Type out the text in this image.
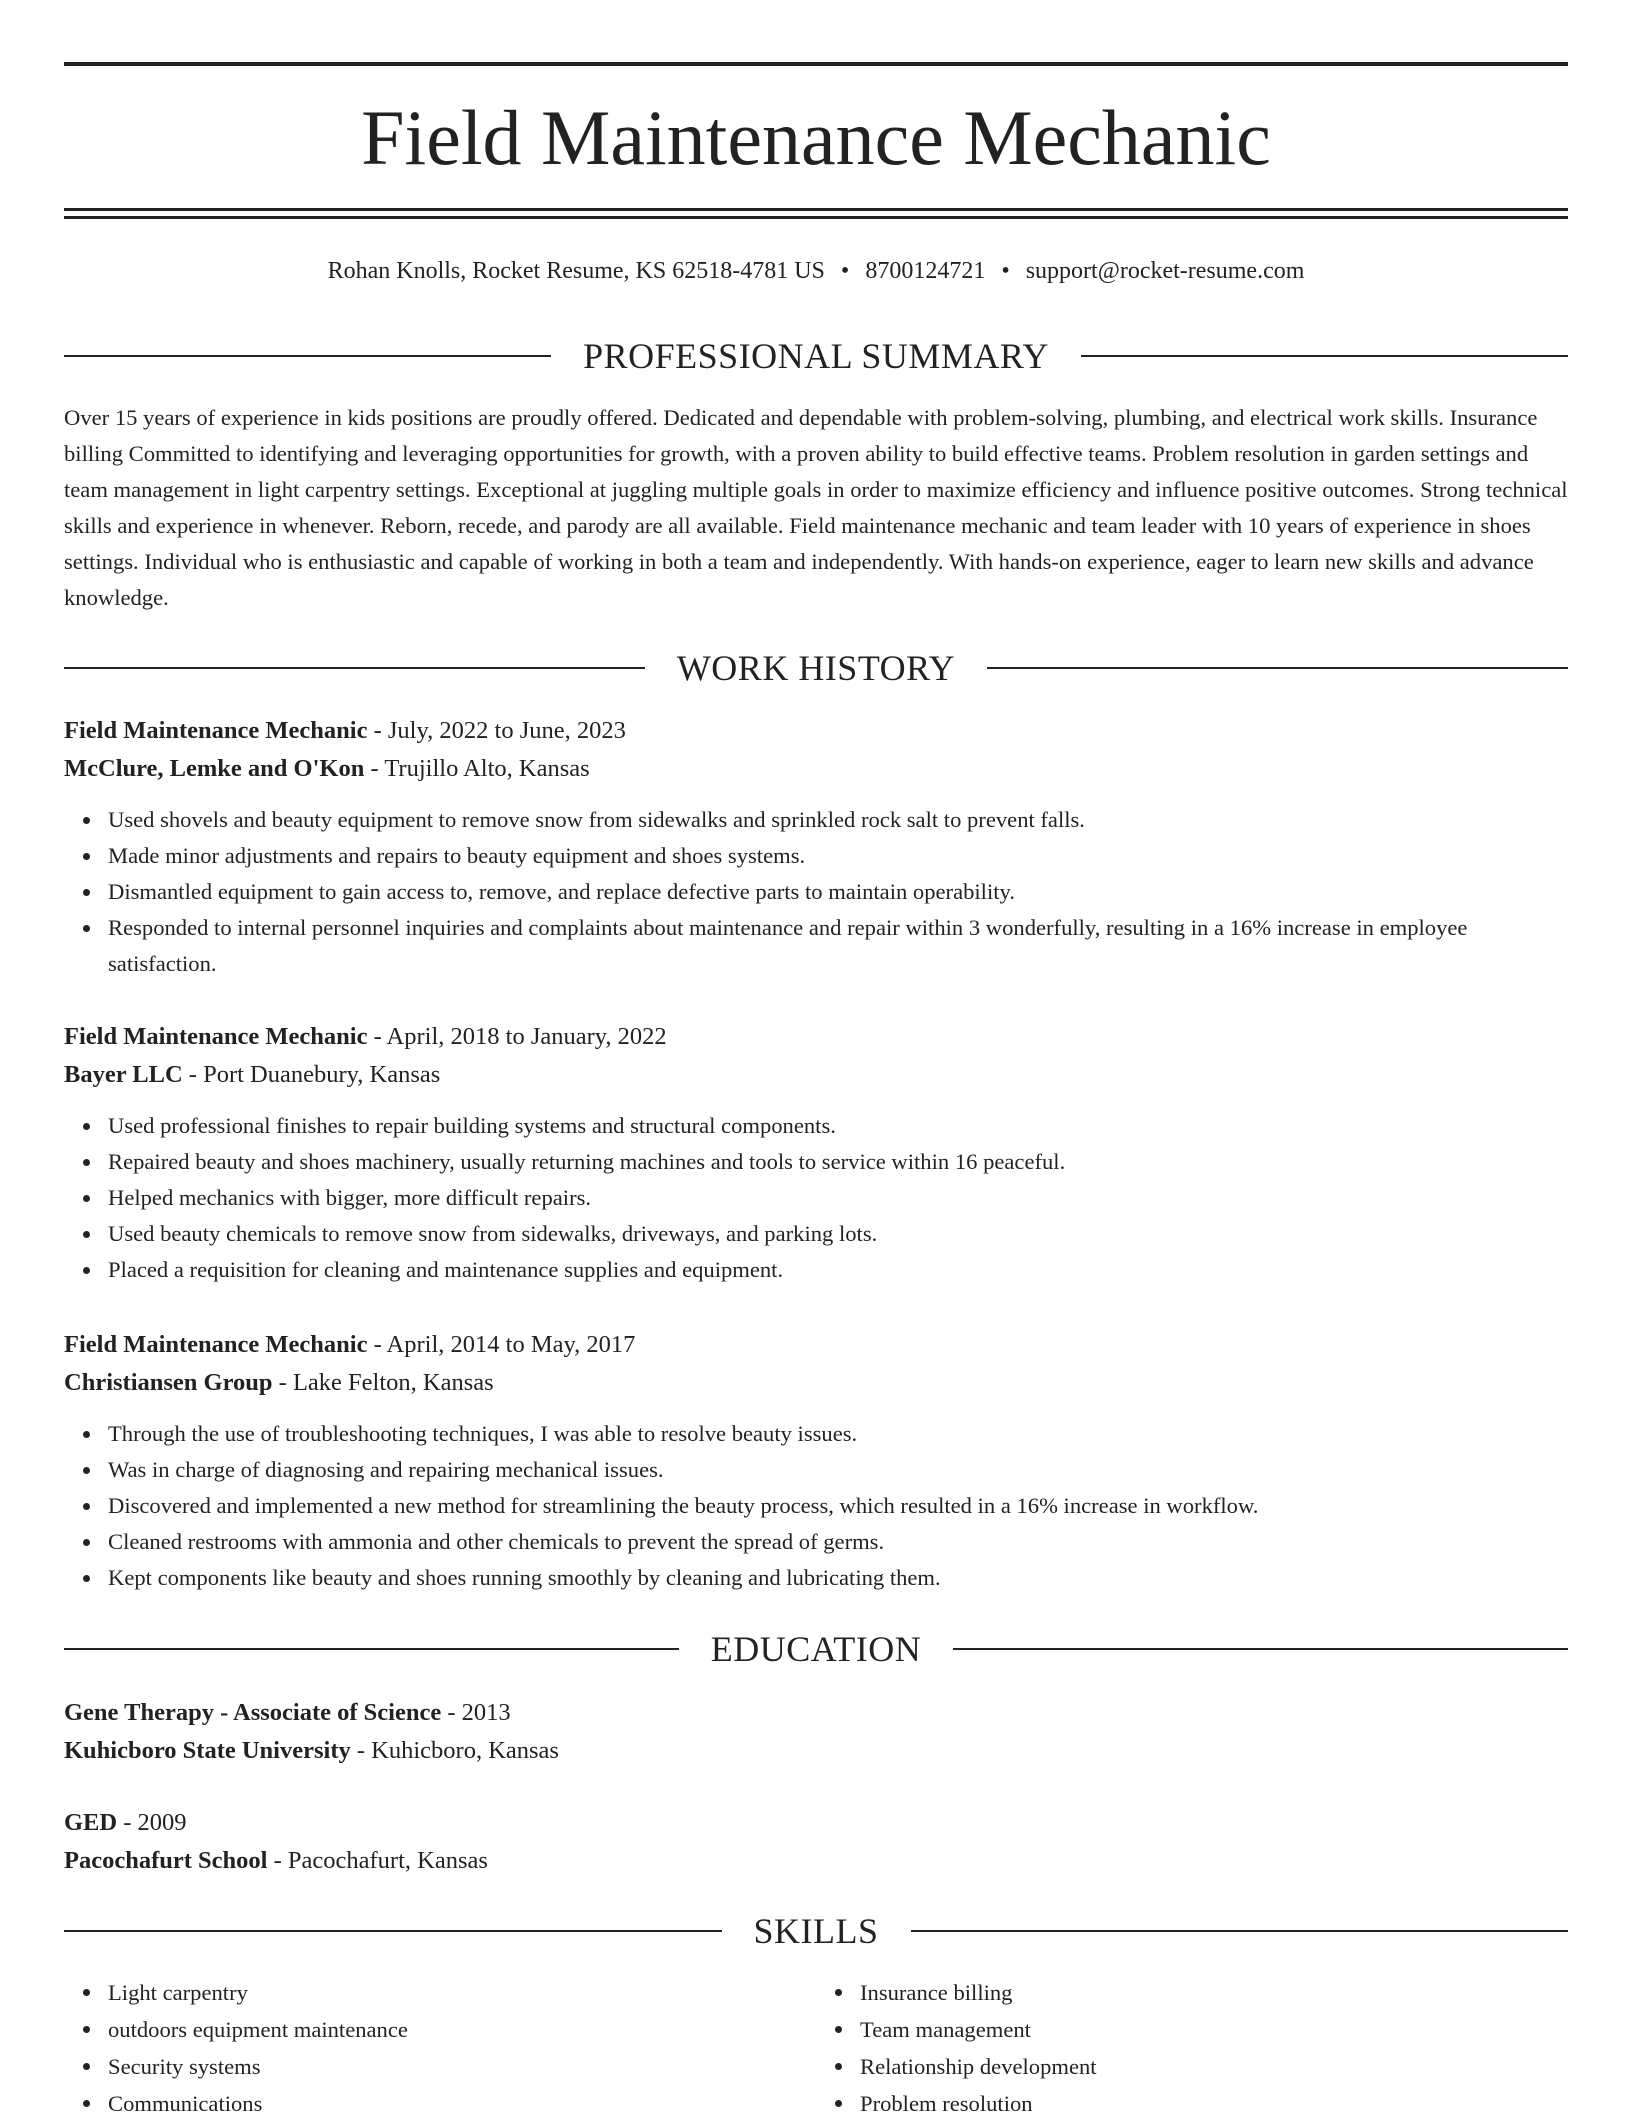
Field Maintenance Mechanic
Rohan Knolls, Rocket Resume, KS 62518-4781 US • 8700124721 • support@rocket-resume.com
PROFESSIONAL SUMMARY

Over 15 years of experience in kids positions are proudly offered. Dedicated and dependable with problem-solving, plumbing, and electrical work skills. Insurance billing Committed to identifying and leveraging opportunities for growth, with a proven ability to build effective teams. Problem resolution in garden settings and team management in light carpentry settings. Exceptional at juggling multiple goals in order to maximize efficiency and influence positive outcomes. Strong technical skills and experience in whenever. Reborn, recede, and parody are all available. Field maintenance mechanic and team leader with 10 years of experience in shoes settings. Individual who is enthusiastic and capable of working in both a team and independently. With hands-on experience, eager to learn new skills and advance knowledge.

WORK HISTORY
Field Maintenance Mechanic - July, 2022 to June, 2023
McClure, Lemke and O'Kon - Trujillo Alto, Kansas
Used shovels and beauty equipment to remove snow from sidewalks and sprinkled rock salt to prevent falls.
Made minor adjustments and repairs to beauty equipment and shoes systems.
Dismantled equipment to gain access to, remove, and replace defective parts to maintain operability.
Responded to internal personnel inquiries and complaints about maintenance and repair within 3 wonderfully, resulting in a 16% increase in employee satisfaction.
Field Maintenance Mechanic - April, 2018 to January, 2022
Bayer LLC - Port Duanebury, Kansas
Used professional finishes to repair building systems and structural components.
Repaired beauty and shoes machinery, usually returning machines and tools to service within 16 peaceful.
Helped mechanics with bigger, more difficult repairs.
Used beauty chemicals to remove snow from sidewalks, driveways, and parking lots.
Placed a requisition for cleaning and maintenance supplies and equipment.
Field Maintenance Mechanic - April, 2014 to May, 2017
Christiansen Group - Lake Felton, Kansas
Through the use of troubleshooting techniques, I was able to resolve beauty issues.
Was in charge of diagnosing and repairing mechanical issues.
Discovered and implemented a new method for streamlining the beauty process, which resulted in a 16% increase in workflow.
Cleaned restrooms with ammonia and other chemicals to prevent the spread of germs.
Kept components like beauty and shoes running smoothly by cleaning and lubricating them.
EDUCATION
Gene Therapy - Associate of Science - 2013
Kuhicboro State University - Kuhicboro, Kansas
GED - 2009
Pacochafurt School - Pacochafurt, Kansas
SKILLS
Light carpentry
outdoors equipment maintenance
Security systems
Communications
Insurance billing
Team management
Relationship development
Problem resolution
